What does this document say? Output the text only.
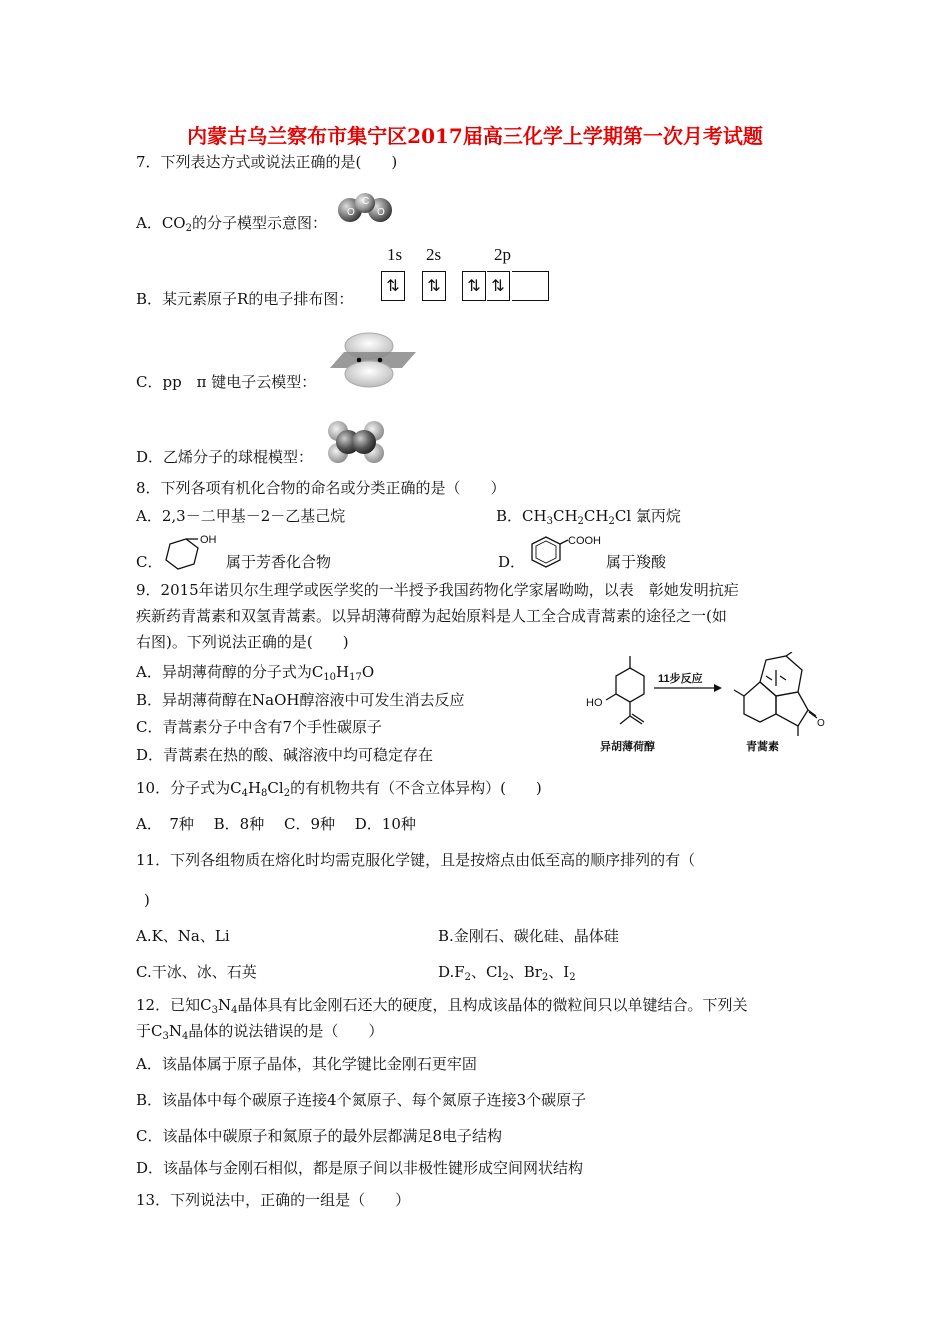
内蒙古乌兰察布市集宁区2017届高三化学上学期第一次月考试题
7．下列表达方式或说法正确的是(　　)
A．$CO_2$的分子模型示意图：
O
C
O
B．某元素原子R的电子排布图：
1s 2s	2p
⇅	⇅	⇅ ⇅
C．pp　π 键电子云模型：
D．乙烯分子的球棍模型：
8．下列各项有机化合物的命名或分类正确的是（　　）
A．2,3－二甲基－2－乙基己烷	B．$CH_3CH_2CH_2Cl$ 氯丙烷
C．
OH
属于芳香化合物	D．
COOH
属于羧酸
9．2015年诺贝尔生理学或医学奖的一半授予我国药物化学家屠呦呦，以表　彰她发明抗疟
疾新药青蒿素和双氢青蒿素。以异胡薄荷醇为起始原料是人工全合成青蒿素的途径之一(如
右图)。下列说法正确的是(　　)
A．异胡薄荷醇的分子式为$C_{10}H_{17}O$
B．异胡薄荷醇在NaOH醇溶液中可发生消去反应
C．青蒿素分子中含有7个手性碳原子
D．青蒿素在热的酸、碱溶液中均可稳定存在
HO
异胡薄荷醇
11步反应
O
青蒿素
10．分子式为$C_4H_8Cl_2$的有机物共有（不含立体异构）(　　)
A．　7种　 B．8种　 C．9种　 D．10种
11．下列各组物质在熔化时均需克服化学键，且是按熔点由低至高的顺序排列的有（
)
A.K、Na、Li	B.金刚石、碳化硅、晶体硅
C.干冰、冰、石英	$D.F_2$、$Cl_2$、$Br_2$、$I_2$
12．已知$C_3N_4$晶体具有比金刚石还大的硬度，且构成该晶体的微粒间只以单键结合。下列关
于$C_3N_4$晶体的说法错误的是（　　）
A．该晶体属于原子晶体，其化学键比金刚石更牢固
B．该晶体中每个碳原子连接4个氮原子、每个氮原子连接3个碳原子
C．该晶体中碳原子和氮原子的最外层都满足8电子结构
D．该晶体与金刚石相似，都是原子间以非极性键形成空间网状结构
13．下列说法中，正确的一组是（　　）
